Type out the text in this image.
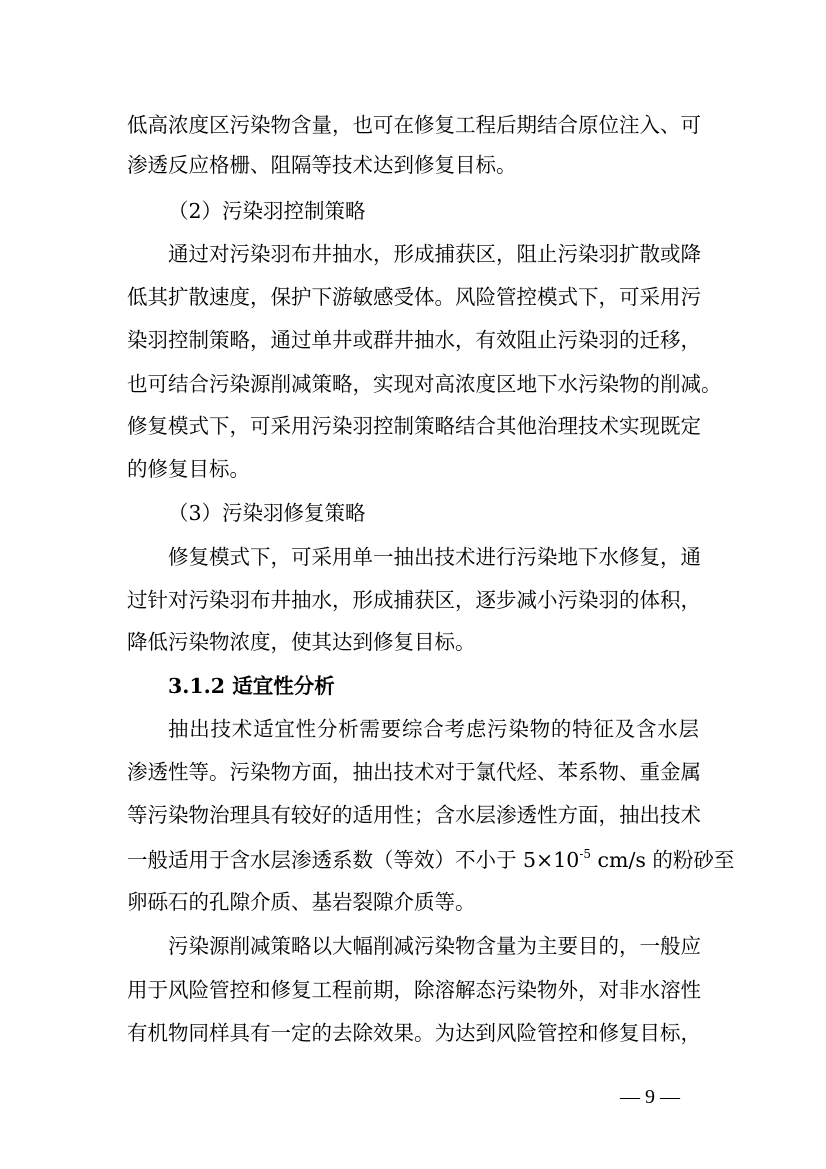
低高浓度区污染物含量，也可在修复工程后期结合原位注入、可
渗透反应格栅、阻隔等技术达到修复目标。
（2）污染羽控制策略
通过对污染羽布井抽水，形成捕获区，阻止污染羽扩散或降
低其扩散速度，保护下游敏感受体。风险管控模式下，可采用污
染羽控制策略，通过单井或群井抽水，有效阻止污染羽的迁移，
也可结合污染源削减策略，实现对高浓度区地下水污染物的削减。
修复模式下，可采用污染羽控制策略结合其他治理技术实现既定
的修复目标。
（3）污染羽修复策略
修复模式下，可采用单一抽出技术进行污染地下水修复，通
过针对污染羽布井抽水，形成捕获区，逐步减小污染羽的体积，
降低污染物浓度，使其达到修复目标。
3.1.2 适宜性分析
抽出技术适宜性分析需要综合考虑污染物的特征及含水层
渗透性等。污染物方面，抽出技术对于氯代烃、苯系物、重金属
等污染物治理具有较好的适用性；含水层渗透性方面，抽出技术
一般适用于含水层渗透系数（等效）不小于 $5\times 10^{-5}$ cm/s 的粉砂至
卵砾石的孔隙介质、基岩裂隙介质等。
污染源削减策略以大幅削减污染物含量为主要目的，一般应
用于风险管控和修复工程前期，除溶解态污染物外，对非水溶性
有机物同样具有一定的去除效果。为达到风险管控和修复目标，
— 9 —
